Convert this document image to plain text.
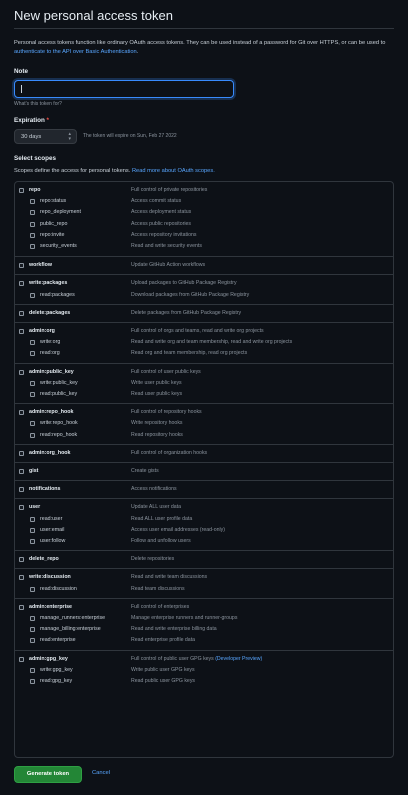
New personal access token
Personal access tokens function like ordinary OAuth access tokens. They can be used instead of a password for Git over HTTPS, or can be used to authenticate to the API over Basic Authentication.
Note
What's this token for?
Expiration *
30 days	▴
▾ The token will expire on Sun, Feb 27 2022
Select scopes
Scopes define the access for personal tokens. Read more about OAuth scopes.
repo	Full control of private repositories
repo:status	Access commit status
repo_deployment	Access deployment status
public_repo	Access public repositories
repo:invite	Access repository invitations
security_events	Read and write security events
workflow	Update GitHub Action workflows
write:packages	Upload packages to GitHub Package Registry
read:packages	Download packages from GitHub Package Registry
delete:packages	Delete packages from GitHub Package Registry
admin:org	Full control of orgs and teams, read and write org projects
write:org	Read and write org and team membership, read and write org projects
read:org	Read org and team membership, read org projects
admin:public_key	Full control of user public keys
write:public_key	Write user public keys
read:public_key	Read user public keys
admin:repo_hook	Full control of repository hooks
write:repo_hook	Write repository hooks
read:repo_hook	Read repository hooks
admin:org_hook	Full control of organization hooks
gist	Create gists
notifications	Access notifications
user	Update ALL user data
read:user	Read ALL user profile data
user:email	Access user email addresses (read-only)
user:follow	Follow and unfollow users
delete_repo	Delete repositories
write:discussion	Read and write team discussions
read:discussion	Read team discussions
admin:enterprise	Full control of enterprises
manage_runners:enterprise	Manage enterprise runners and runner-groups
manage_billing:enterprise	Read and write enterprise billing data
read:enterprise	Read enterprise profile data
admin:gpg_key	Full control of public user GPG keys (Developer Preview)
write:gpg_key	Write public user GPG keys
read:gpg_key	Read public user GPG keys
Generate token	Cancel
